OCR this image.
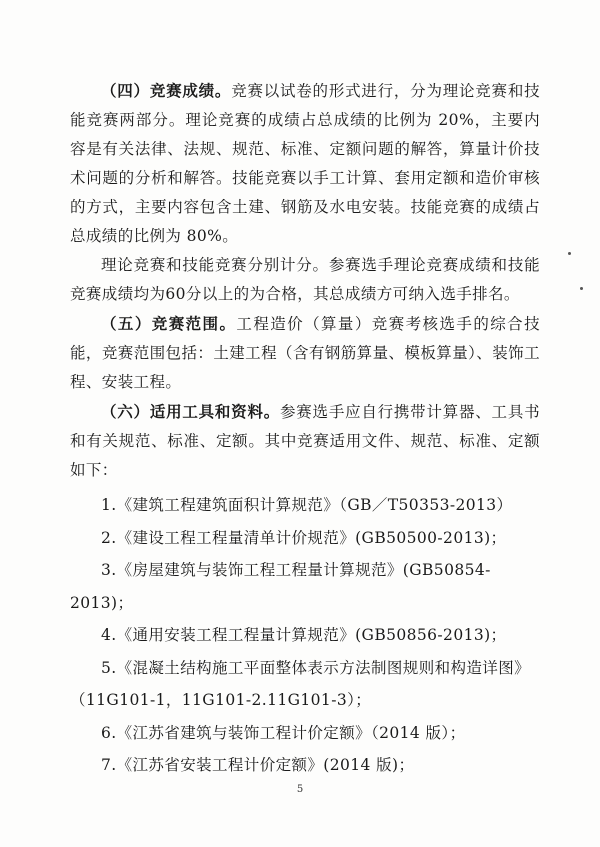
（四）竞赛成绩。竞赛以试卷的形式进行，分为理论竞赛和技能竞赛两部分。理论竞赛的成绩占总成绩的比例为 20%，主要内容是有关法律、法规、规范、标准、定额问题的解答，算量计价技术问题的分析和解答。技能竞赛以手工计算、套用定额和造价审核的方式，主要内容包含土建、钢筋及水电安装。技能竞赛的成绩占总成绩的比例为 80%。

理论竞赛和技能竞赛分别计分。参赛选手理论竞赛成绩和技能竞赛成绩均为60分以上的为合格，其总成绩方可纳入选手排名。

（五）竞赛范围。工程造价（算量）竞赛考核选手的综合技能，竞赛范围包括：土建工程（含有钢筋算量、模板算量）、装饰工程、安装工程。

（六）适用工具和资料。参赛选手应自行携带计算器、工具书和有关规范、标准、定额。其中竞赛适用文件、规范、标准、定额如下：

1.《建筑工程建筑面积计算规范》（GB／T50353-2013）
2.《建设工程工程量清单计价规范》(GB50500-2013)；
3.《房屋建筑与装饰工程工程量计算规范》(GB50854-2013)；
4.《通用安装工程工程量计算规范》(GB50856-2013)；
5.《混凝土结构施工平面整体表示方法制图规则和构造详图》
（11G101-1，11G101-2.11G101-3）；
6.《江苏省建筑与装饰工程计价定额》（2014 版）；
7.《江苏省安装工程计价定额》(2014 版)；
5
